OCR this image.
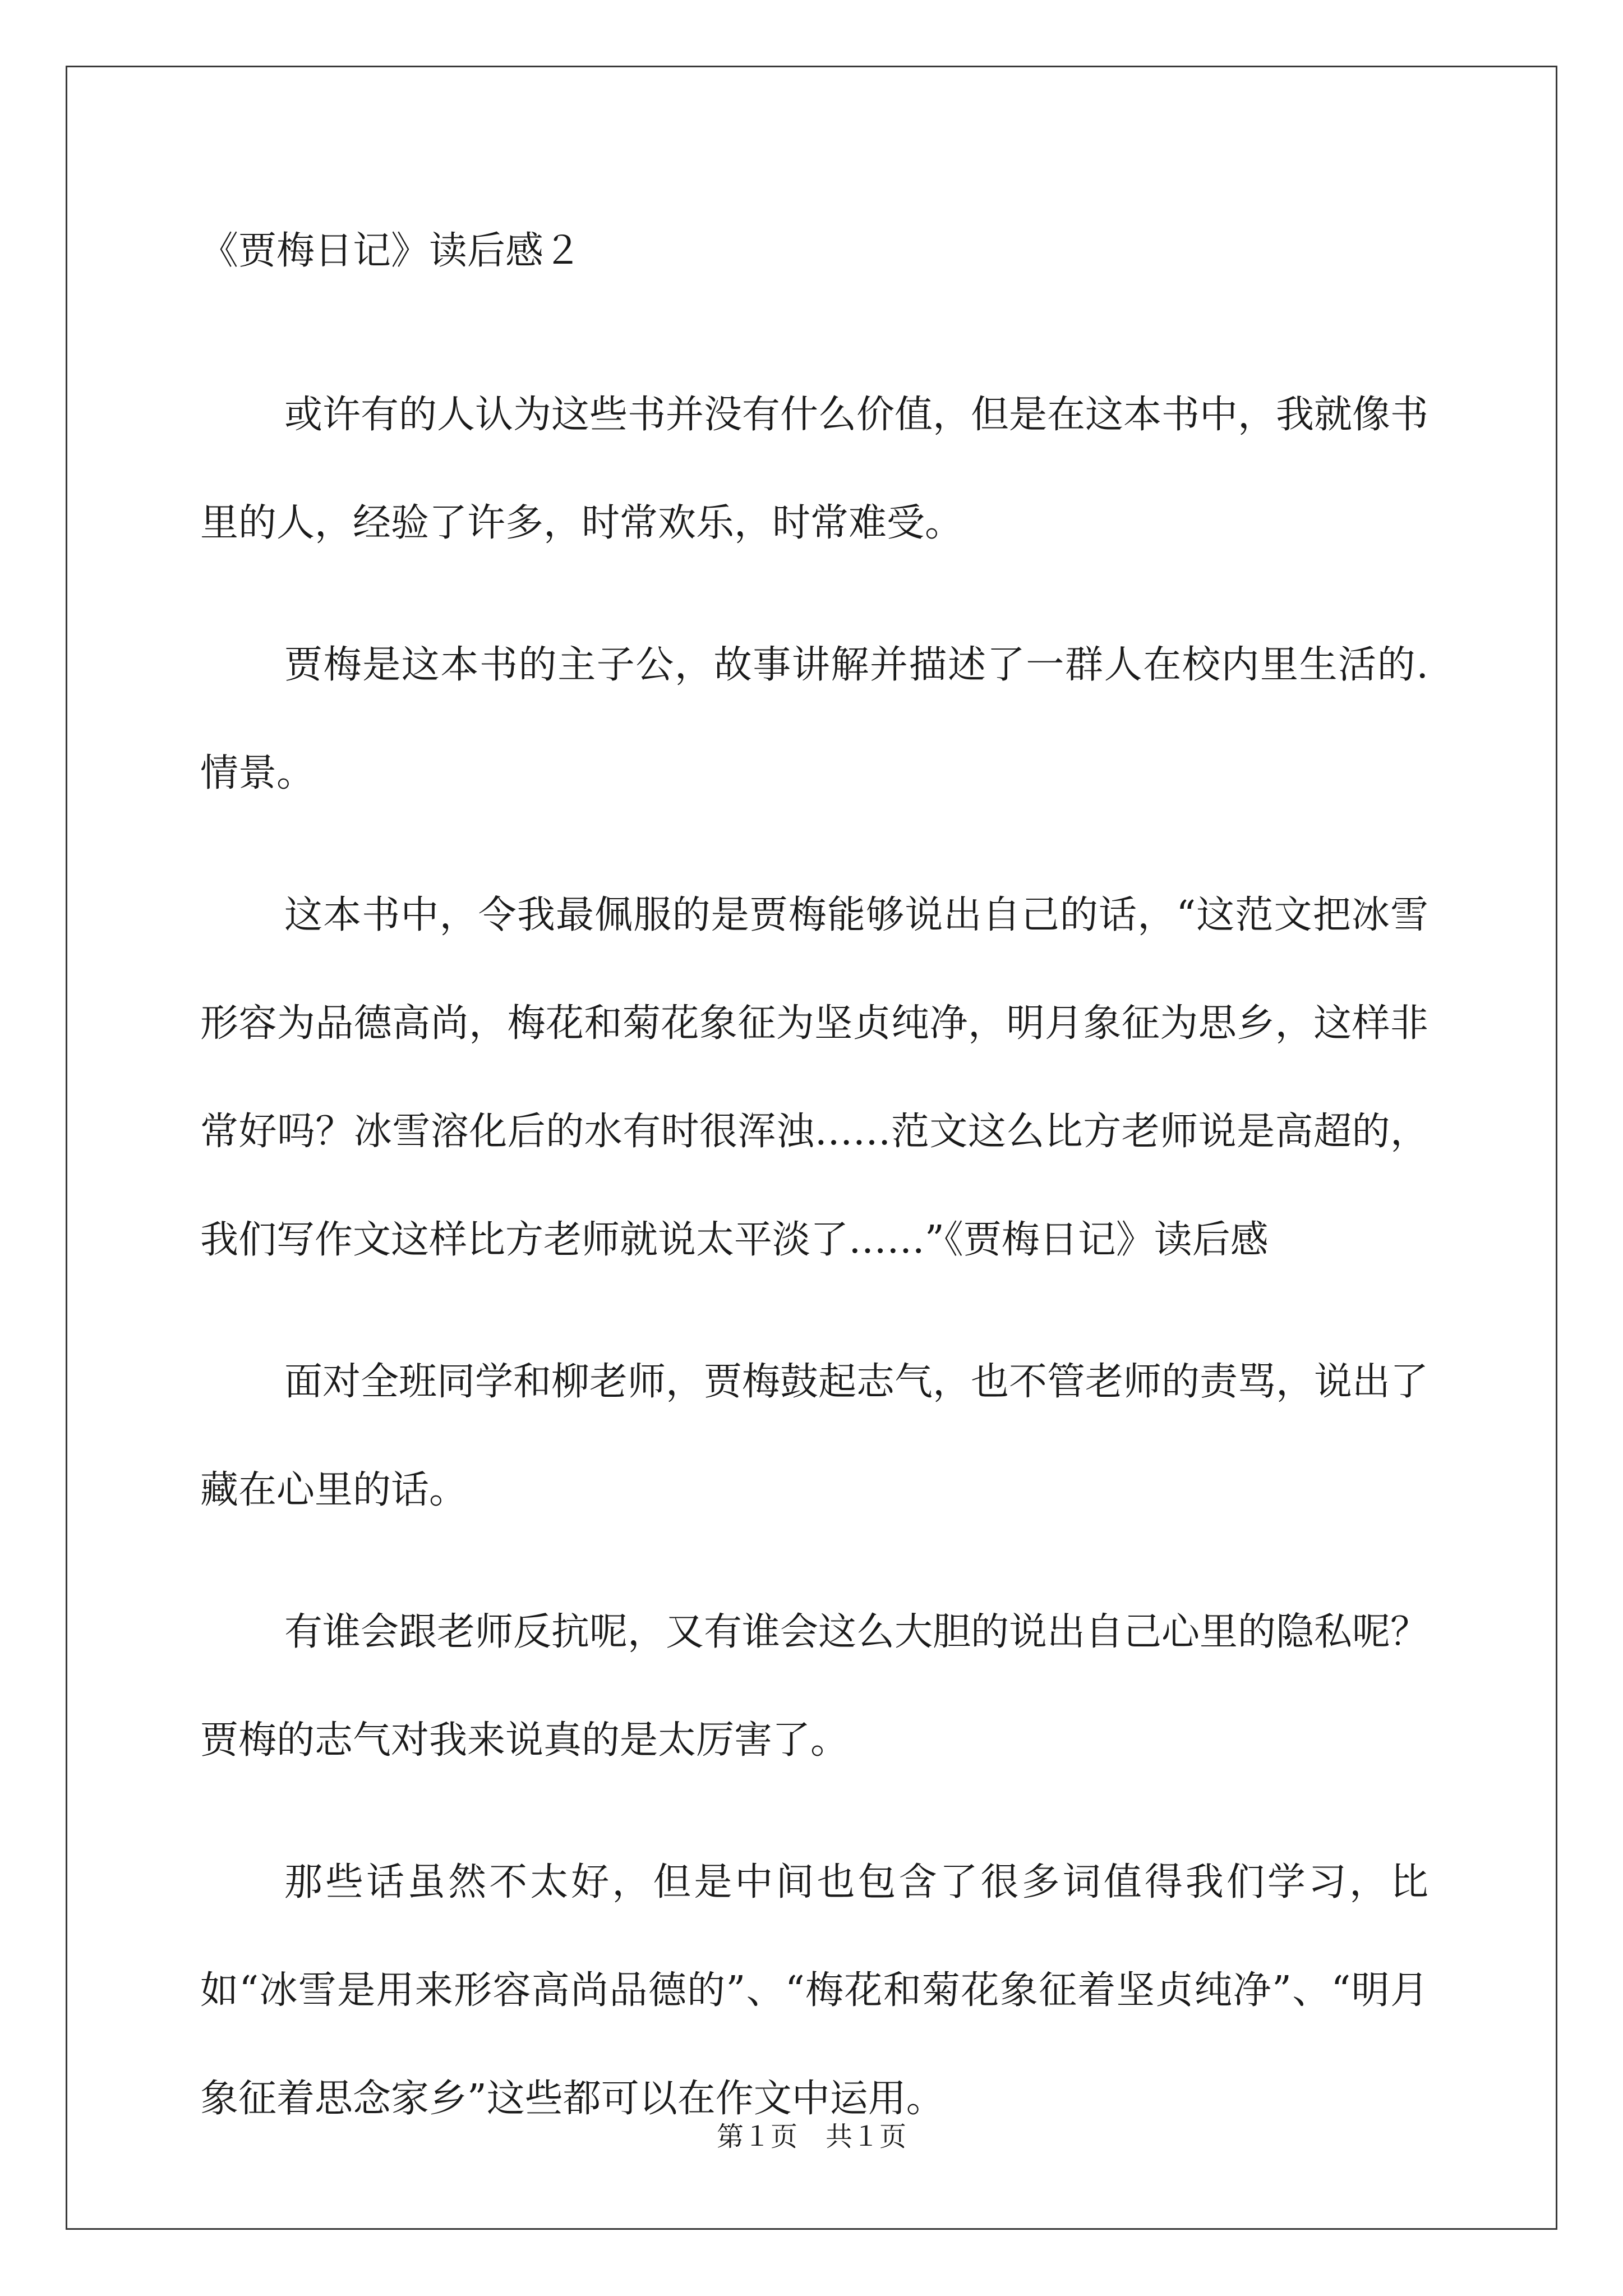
《贾梅日记》读后感２

或许有的人认为这些书并没有什么价值，但是在这本书中，我就像书里的人，经验了许多，时常欢乐，时常难受。

贾梅是这本书的主子公，故事讲解并描述了一群人在校内里生活的.情景。

这本书中，令我最佩服的是贾梅能够说出自己的话，“这范文把冰雪形容为品德高尚，梅花和菊花象征为坚贞纯净，明月象征为思乡，这样非常好吗？冰雪溶化后的水有时很浑浊……范文这么比方老师说是高超的，我们写作文这样比方老师就说太平淡了……”《贾梅日记》读后感

面对全班同学和柳老师，贾梅鼓起志气，也不管老师的责骂，说出了藏在心里的话。

有谁会跟老师反抗呢，又有谁会这么大胆的说出自己心里的隐私呢？贾梅的志气对我来说真的是太厉害了。

那些话虽然不太好，但是中间也包含了很多词值得我们学习，比如“冰雪是用来形容高尚品德的”、“梅花和菊花象征着坚贞纯净”、“明月象征着思念家乡”这些都可以在作文中运用。

第１页 共１页
